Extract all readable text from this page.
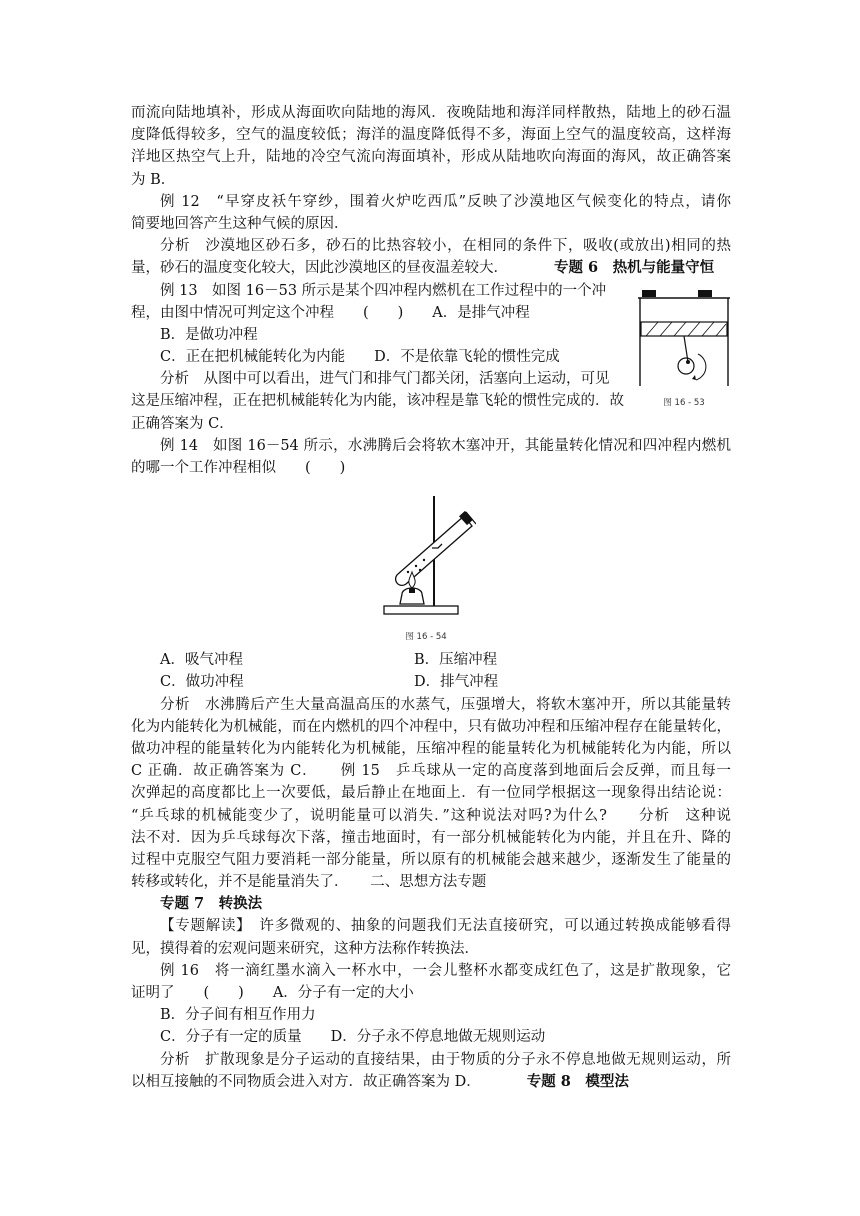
而流向陆地填补，形成从海面吹向陆地的海风．夜晚陆地和海洋同样散热，陆地上的砂石温
度降低得较多，空气的温度较低；海洋的温度降低得不多，海面上空气的温度较高，这样海
洋地区热空气上升，陆地的冷空气流向海面填补，形成从陆地吹向海面的海风，故正确答案
为 B．
例 12　“早穿皮袄午穿纱，围着火炉吃西瓜”反映了沙漠地区气候变化的特点，请你
简要地回答产生这种气候的原因．
分析　沙漠地区砂石多，砂石的比热容较小，在相同的条件下，吸收(或放出)相同的热
量，砂石的温度变化较大，因此沙漠地区的昼夜温差较大．	专题 6　热机与能量守恒
例 13　如图 16－53 所示是某个四冲程内燃机在工作过程中的一个冲
程，由图中情况可判定这个冲程　　(　　)　　A．是排气冲程
B．是做功冲程
C．正在把机械能转化为内能　　D．不是依靠飞轮的惯性完成
分析　从图中可以看出，进气门和排气门都关闭，活塞向上运动，可见
这是压缩冲程，正在把机械能转化为内能，该冲程是靠飞轮的惯性完成的．故
正确答案为 C．
例 14　如图 16－54 所示，水沸腾后会将软木塞冲开，其能量转化情况和四冲程内燃机
的哪一个工作冲程相似　　(　　)
A．吸气冲程	B．压缩冲程
C．做功冲程	D．排气冲程
分析　水沸腾后产生大量高温高压的水蒸气，压强增大，将软木塞冲开，所以其能量转
化为内能转化为机械能，而在内燃机的四个冲程中，只有做功冲程和压缩冲程存在能量转化，
做功冲程的能量转化为内能转化为机械能，压缩冲程的能量转化为机械能转化为内能，所以
C 正确．故正确答案为 C．　　例 15　乒乓球从一定的高度落到地面后会反弹，而且每一
次弹起的高度都比上一次要低，最后静止在地面上．有一位同学根据这一现象得出结论说：
“乒乓球的机械能变少了，说明能量可以消失．”这种说法对吗?为什么?　　分析　这种说
法不对．因为乒乓球每次下落，撞击地面时，有一部分机械能转化为内能，并且在升、降的
过程中克服空气阻力要消耗一部分能量，所以原有的机械能会越来越少，逐渐发生了能量的
转移或转化，并不是能量消失了．　　二、思想方法专题
专题 7　转换法
【专题解读】　许多微观的、抽象的问题我们无法直接研究，可以通过转换成能够看得
见，摸得着的宏观问题来研究，这种方法称作转换法．
例 16　将一滴红墨水滴入一杯水中，一会儿整杯水都变成红色了，这是扩散现象，它
证明了　　(　　)　　A．分子有一定的大小
B．分子间有相互作用力
C．分子有一定的质量　　D．分子永不停息地做无规则运动
分析　扩散现象是分子运动的直接结果，由于物质的分子永不停息地做无规则运动，所
以相互接触的不同物质会进入对方．故正确答案为 D．	专题 8　模型法
图 16 - 53
图 16 - 54
